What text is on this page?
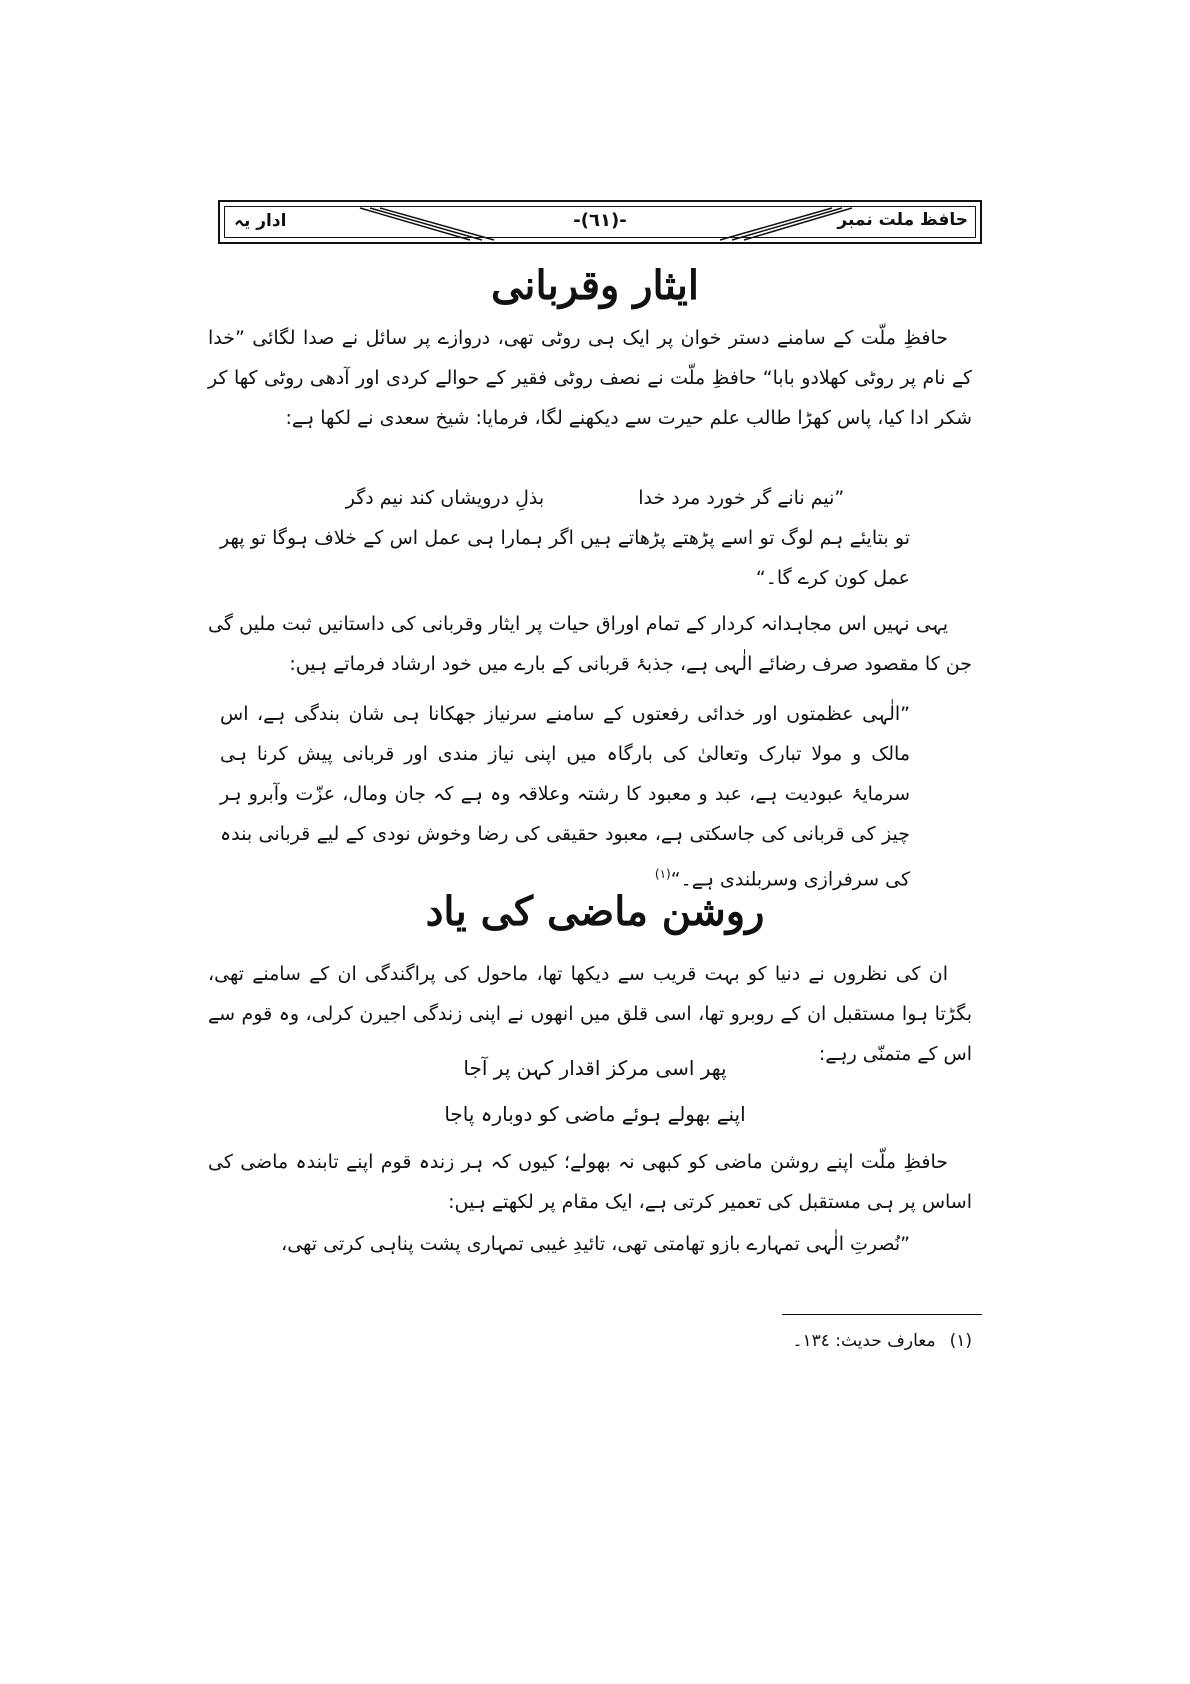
حافظ ملت نمبر
-(٦١)-
ادار یہ
ایثار وقربانی
حافظِ ملّت کے سامنے دستر خوان پر ایک ہی روٹی تھی، دروازے پر سائل نے صدا لگائی ”خدا کے نام پر روٹی کھلادو بابا“ حافظِ ملّت نے نصف روٹی فقیر کے حوالے کردی اور آدھی روٹی کھا کر شکر ادا کیا، پاس کھڑا طالب علم حیرت سے دیکھنے لگا، فرمایا: شیخ سعدی نے لکھا ہے:
”نیم نانے گر خورد مرد خدا بذلِ درویشاں کند نیم دگر
تو بتایئے ہم لوگ تو اسے پڑھتے پڑھاتے ہیں اگر ہمارا ہی عمل اس کے خلاف ہوگا تو پھر عمل کون کرے گا۔“
یہی نہیں اس مجاہدانہ کردار کے تمام اوراق حیات پر ایثار وقربانی کی داستانیں ثبت ملیں گی جن کا مقصود صرف رضائے الٰہی ہے، جذبۂ قربانی کے بارے میں خود ارشاد فرماتے ہیں:
”الٰہی عظمتوں اور خدائی رفعتوں کے سامنے سرنیاز جھکانا ہی شان بندگی ہے، اس مالک و مولا تبارک وتعالیٰ کی بارگاہ میں اپنی نیاز مندی اور قربانی پیش کرنا ہی سرمایۂ عبودیت ہے، عبد و معبود کا رشتہ وعلاقہ وہ ہے کہ جان ومال، عزّت وآبرو ہر چیز کی قربانی کی جاسکتی ہے، معبود حقیقی کی رضا وخوش نودی کے لیے قربانی بندہ کی سرفرازی وسربلندی ہے۔“$^{(١)}$
روشن ماضی کی یاد
ان کی نظروں نے دنیا کو بہت قریب سے دیکھا تھا، ماحول کی پراگندگی ان کے سامنے تھی، بگڑتا ہوا مستقبل ان کے روبرو تھا، اسی قلق میں انھوں نے اپنی زندگی اجیرن کرلی، وہ قوم سے اس کے متمنّی رہے:
پھر اسی مرکز اقدار کہن پر آجا
اپنے بھولے ہوئے ماضی کو دوبارہ پاجا
حافظِ ملّت اپنے روشن ماضی کو کبھی نہ بھولے؛ کیوں کہ ہر زندہ قوم اپنے تابندہ ماضی کی اساس پر ہی مستقبل کی تعمیر کرتی ہے، ایک مقام پر لکھتے ہیں:
”نُصرتِ الٰہی تمہارے بازو تھامتی تھی، تائیدِ غیبی تمہاری پشت پناہی کرتی تھی،
(١)معارف حدیث: ١٣٤۔
